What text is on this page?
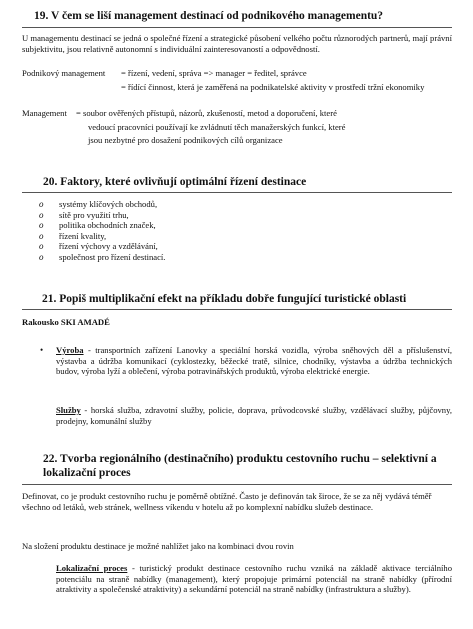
19. V čem se liší management destinací od podnikového managementu?
U managementu destinací se jedná o společné řízení a strategické působení velkého počtu různorodých partnerů, mají právní subjektivitu, jsou relativně autonomní s individuální zainteresovaností a odpovědností.
Podnikový management = řízení, vedení, správa => manager = ředitel, správce
= řídící činnost, která je zaměřená na podnikatelské aktivity v prostředí tržní ekonomiky
Management = soubor ověřených přístupů, názorů, zkušeností, metod a doporučení, které
vedoucí pracovníci používají ke zvládnutí těch manažerských funkcí, které
jsou nezbytné pro dosažení podnikových cílů organizace
20. Faktory, které ovlivňují optimální řízení destinace
o systémy klíčových obchodů,
o sítě pro využití trhu,
o politika obchodních značek,
o řízení kvality,
o řízení výchovy a vzdělávání,
o společnost pro řízení destinací.
21. Popiš multiplikační efekt na příkladu dobře fungující turistické oblasti
Rakousko SKI AMADÉ
• Výroba - transportních zařízení Lanovky a speciální horská vozidla, výroba sněhových děl a příslušenství, výstavba a údržba komunikací (cyklostezky, běžecké tratě, silnice, chodníky, výstavba a údržba technických budov, výroba lyží a oblečení, výroba potravinářských produktů, výroba elektrické energie.
Služby - horská služba, zdravotní služby, policie, doprava, průvodcovské služby, vzdělávací služby, půjčovny, prodejny, komunální služby
22. Tvorba regionálního (destinačního) produktu cestovního ruchu – selektivní a
lokalizační proces
Definovat, co je produkt cestovního ruchu je poměrně obtížné. Často je definován tak široce, že se za něj vydává téměř všechno od letáků, web stránek, wellness víkendu v hotelu až po komplexní nabídku služeb destinace.
Na složení produktu destinace je možné nahlížet jako na kombinaci dvou rovin
Lokalizační proces - turistický produkt destinace cestovního ruchu vzniká na základě aktivace terciálního potenciálu na straně nabídky (management), který propojuje primární potenciál na straně nabídky (přírodní atraktivity a společenské atraktivity) a sekundární potenciál na straně nabídky (infrastruktura a služby).
